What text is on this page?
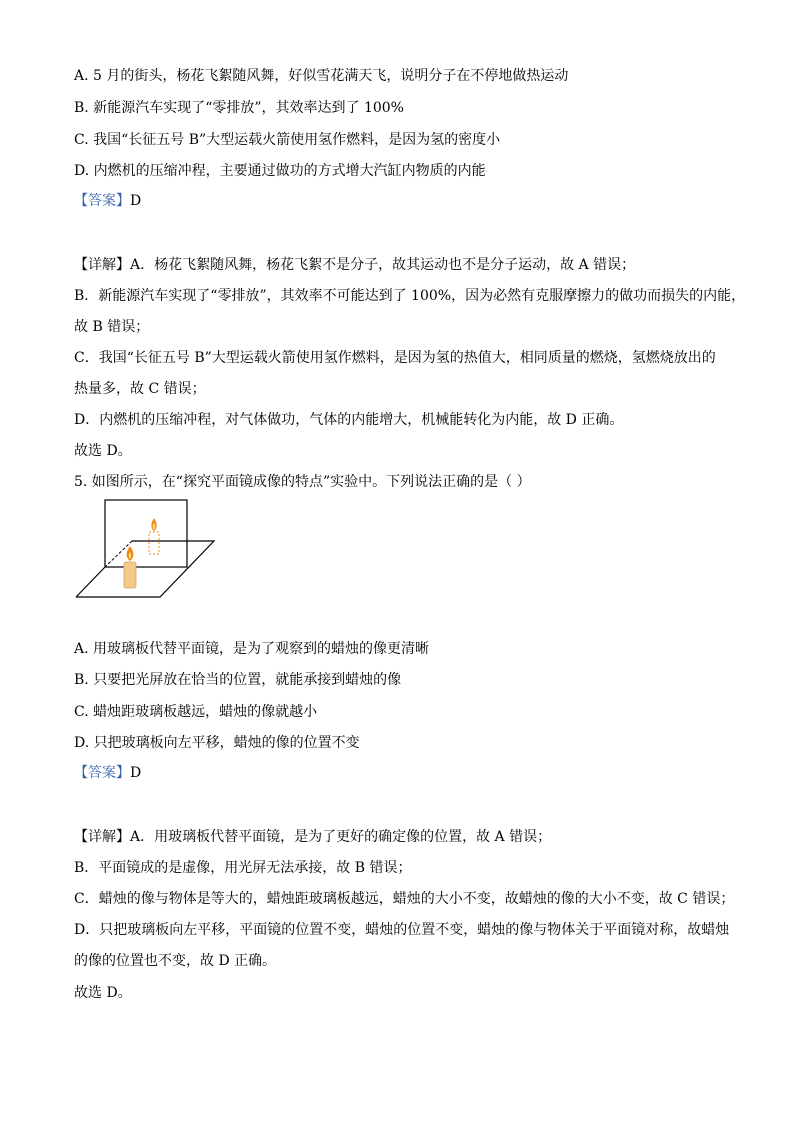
A. 5 月的街头，杨花飞絮随风舞，好似雪花满天飞，说明分子在不停地做热运动
B. 新能源汽车实现了“零排放”，其效率达到了 100%
C. 我国“长征五号 B”大型运载火箭使用氢作燃料，是因为氢的密度小
D. 内燃机的压缩冲程，主要通过做功的方式增大汽缸内物质的内能
【答案】D
【详解】A．杨花飞絮随风舞，杨花飞絮不是分子，故其运动也不是分子运动，故 A 错误；
B．新能源汽车实现了“零排放”，其效率不可能达到了 100%，因为必然有克服摩擦力的做功而损失的内能，
故 B 错误；
C．我国“长征五号 B”大型运载火箭使用氢作燃料，是因为氢的热值大，相同质量的燃烧，氢燃烧放出的
热量多，故 C 错误；
D．内燃机的压缩冲程，对气体做功，气体的内能增大，机械能转化为内能，故 D 正确。
故选 D。
5. 如图所示，在“探究平面镜成像的特点”实验中。下列说法正确的是（ ）
A. 用玻璃板代替平面镜，是为了观察到的蜡烛的像更清晰
B. 只要把光屏放在恰当的位置，就能承接到蜡烛的像
C. 蜡烛距玻璃板越远，蜡烛的像就越小
D. 只把玻璃板向左平移，蜡烛的像的位置不变
【答案】D
【详解】A．用玻璃板代替平面镜，是为了更好的确定像的位置，故 A 错误；
B．平面镜成的是虚像，用光屏无法承接，故 B 错误；
C．蜡烛的像与物体是等大的，蜡烛距玻璃板越远，蜡烛的大小不变，故蜡烛的像的大小不变，故 C 错误；
D．只把玻璃板向左平移，平面镜的位置不变，蜡烛的位置不变，蜡烛的像与物体关于平面镜对称，故蜡烛
的像的位置也不变，故 D 正确。
故选 D。
